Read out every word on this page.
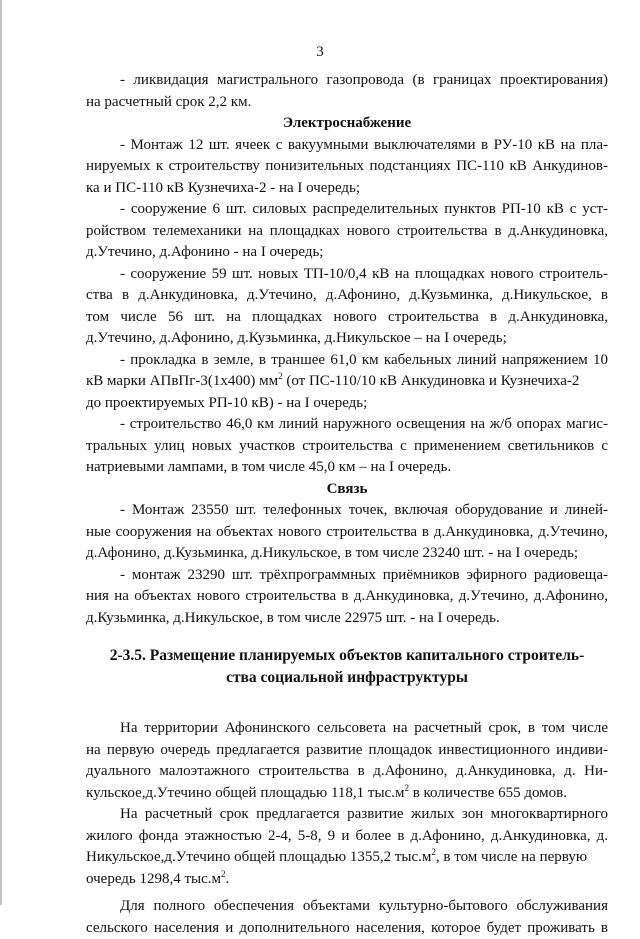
3
- ликвидация магистрального газопровода (в границах проектирования)
на расчетный срок 2,2 км.
Электроснабжение
- Монтаж 12 шт. ячеек с вакуумными выключателями в РУ-10 кВ на пла-
нируемых к строительству понизительных подстанциях ПС-110 кВ Анкудинов-
ка и ПС-110 кВ Кузнечиха-2 - на I очередь;
- сооружение 6 шт. силовых распределительных пунктов РП-10 кВ с уст-
ройством телемеханики на площадках нового строительства в д.Анкудиновка,
д.Утечино, д.Афонино - на I очередь;
- сооружение 59 шт. новых ТП-10/0,4 кВ на площадках нового строитель-
ства в д.Анкудиновка, д.Утечино, д.Афонино, д.Кузьминка, д.Никульское, в
том числе 56 шт. на площадках нового строительства в д.Анкудиновка,
д.Утечино, д.Афонино, д.Кузьминка, д.Никульское – на I очередь;
- прокладка в земле, в траншее 61,0 км кабельных линий напряжением 10
кВ марки АПвПг-3(1х400) $мм^2$ (от ПС-110/10 кВ Анкудиновка и Кузнечиха-2
до проектируемых РП-10 кВ) - на I очередь;
- строительство 46,0 км линий наружного освещения на ж/б опорах магис-
тральных улиц новых участков строительства с применением светильников с
натриевыми лампами, в том числе 45,0 км – на I очередь.
Связь
- Монтаж 23550 шт. телефонных точек, включая оборудование и линей-
ные сооружения на объектах нового строительства в д.Анкудиновка, д.Утечино,
д.Афонино, д.Кузьминка, д.Никульское, в том числе 23240 шт. - на I очередь;
- монтаж 23290 шт. трёхпрограммных приёмников эфирного радиовеща-
ния на объектах нового строительства в д.Анкудиновка, д.Утечино, д.Афонино,
д.Кузьминка, д.Никульское, в том числе 22975 шт. - на I очередь.
2-3.5. Размещение планируемых объектов капитального строитель-
ства социальной инфраструктуры
На территории Афонинского сельсовета на расчетный срок, в том числе
на первую очередь предлагается развитие площадок инвестиционного индиви-
дуального малоэтажного строительства в д.Афонино, д.Анкудиновка, д. Ни-
кульское,д.Утечино общей площадью 118,1 $тыс.м^2$ в количестве 655 домов.
На расчетный срок предлагается развитие жилых зон многоквартирного
жилого фонда этажностью 2-4, 5-8, 9 и более в д.Афонино, д.Анкудиновка, д.
Никульское,д.Утечино общей площадью 1355,2 $тыс.м^2$, в том числе на первую
очередь 1298,4 $тыс.м^2$.
Для полного обеспечения объектами культурно-бытового обслуживания
сельского населения и дополнительного населения, которое будет проживать в
